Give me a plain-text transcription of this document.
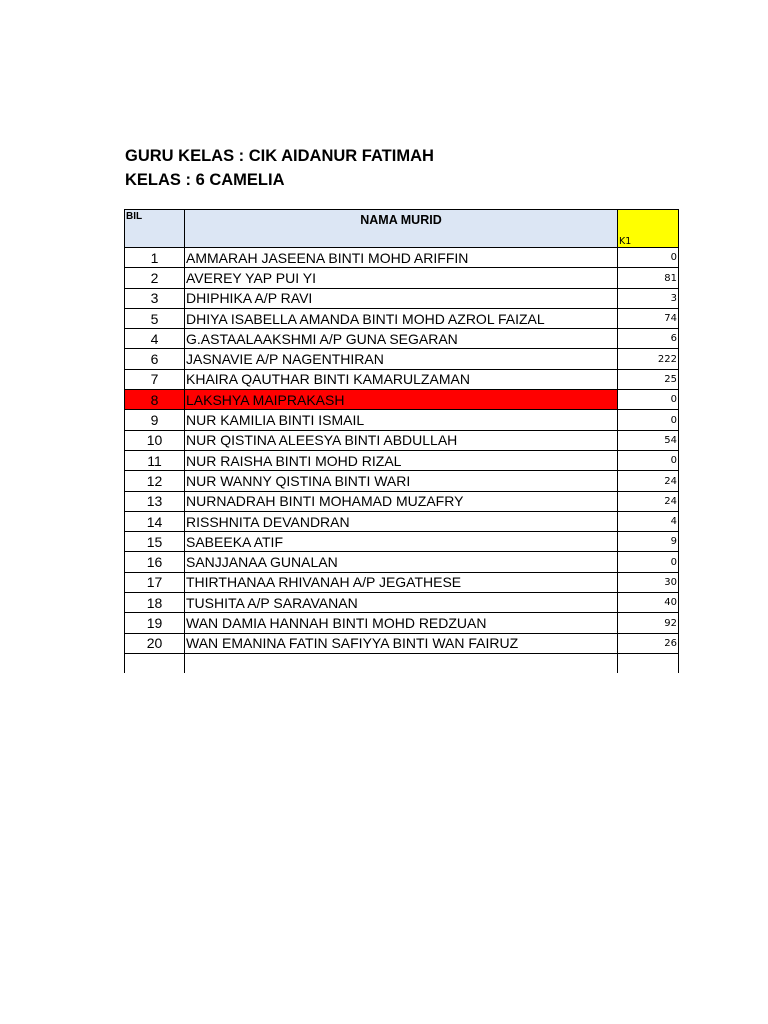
GURU KELAS : CIK AIDANUR FATIMAH
KELAS : 6 CAMELIA
BIL	NAMA MURID	K1
1	AMMARAH JASEENA BINTI MOHD ARIFFIN	0
2	AVEREY YAP PUI YI	81
3	DHIPHIKA A/P RAVI	3
5	DHIYA ISABELLA AMANDA BINTI MOHD AZROL FAIZAL	74
4	G.ASTAALAAKSHMI A/P GUNA SEGARAN	6
6	JASNAVIE A/P NAGENTHIRAN	222
7	KHAIRA QAUTHAR BINTI KAMARULZAMAN	25
8	LAKSHYA MAIPRAKASH	0
9	NUR KAMILIA BINTI ISMAIL	0
10	NUR QISTINA ALEESYA BINTI ABDULLAH	54
11	NUR RAISHA BINTI MOHD RIZAL	0
12	NUR WANNY QISTINA BINTI WARI	24
13	NURNADRAH BINTI MOHAMAD MUZAFRY	24
14	RISSHNITA DEVANDRAN	4
15	SABEEKA ATIF	9
16	SANJJANAA GUNALAN	0
17	THIRTHANAA RHIVANAH A/P JEGATHESE	30
18	TUSHITA A/P SARAVANAN	40
19	WAN DAMIA HANNAH BINTI MOHD REDZUAN	92
20	WAN EMANINA FATIN SAFIYYA BINTI WAN FAIRUZ	26
